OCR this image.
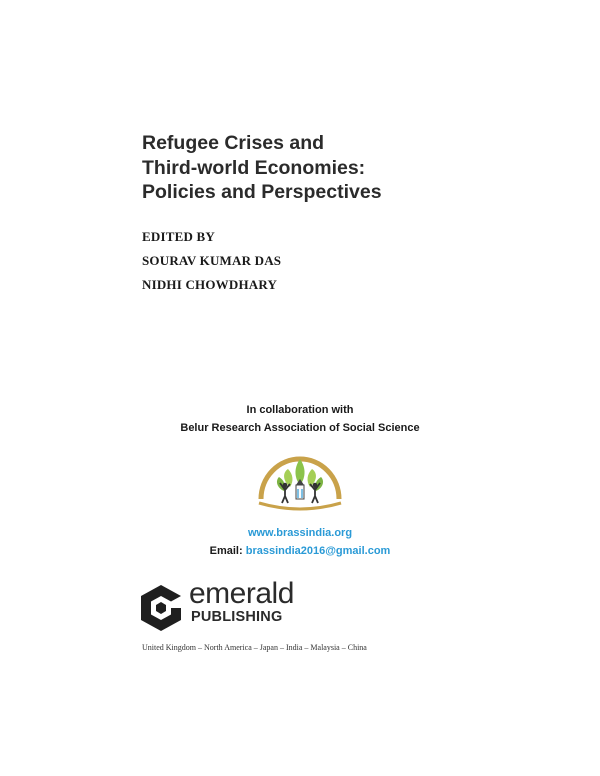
Refugee Crises and
Third-world Economies:
Policies and Perspectives
EDITED BY
SOURAV KUMAR DAS
NIDHI CHOWDHARY
In collaboration with
Belur Research Association of Social Science
www.brassindia.org
Email: brassindia2016@gmail.com
emerald
PUBLISHING
United Kingdom – North America – Japan – India – Malaysia – China
